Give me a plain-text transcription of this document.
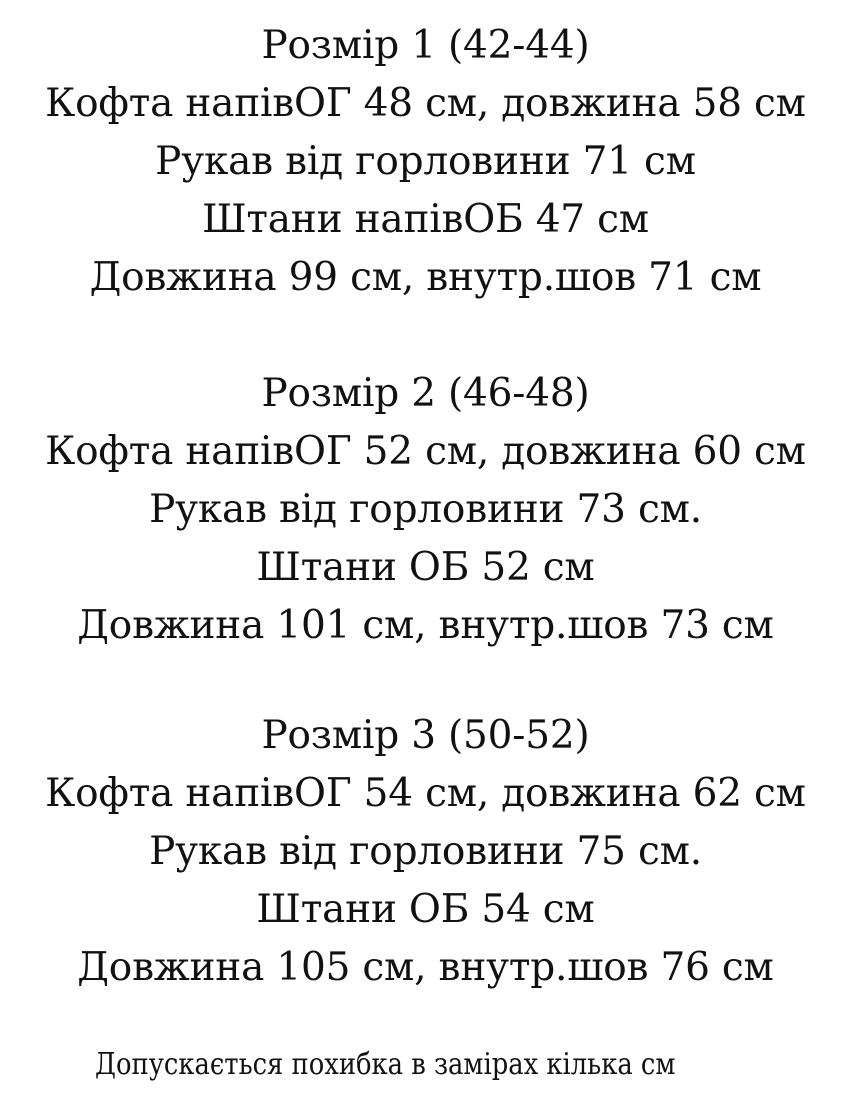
Розмір 1 (42-44)
Кофта напівОГ 48 см, довжина 58 см
Рукав від горловини 71 см
Штани напівОБ 47 см
Довжина 99 см, внутр.шов 71 см
Розмір 2 (46-48)
Кофта напівОГ 52 см, довжина 60 см
Рукав від горловини 73 см.
Штани ОБ 52 см
Довжина 101 см, внутр.шов 73 см
Розмір 3 (50-52)
Кофта напівОГ 54 см, довжина 62 см
Рукав від горловини 75 см.
Штани ОБ 54 см
Довжина 105 см, внутр.шов 76 см
Допускається похибка в замірах кілька см
